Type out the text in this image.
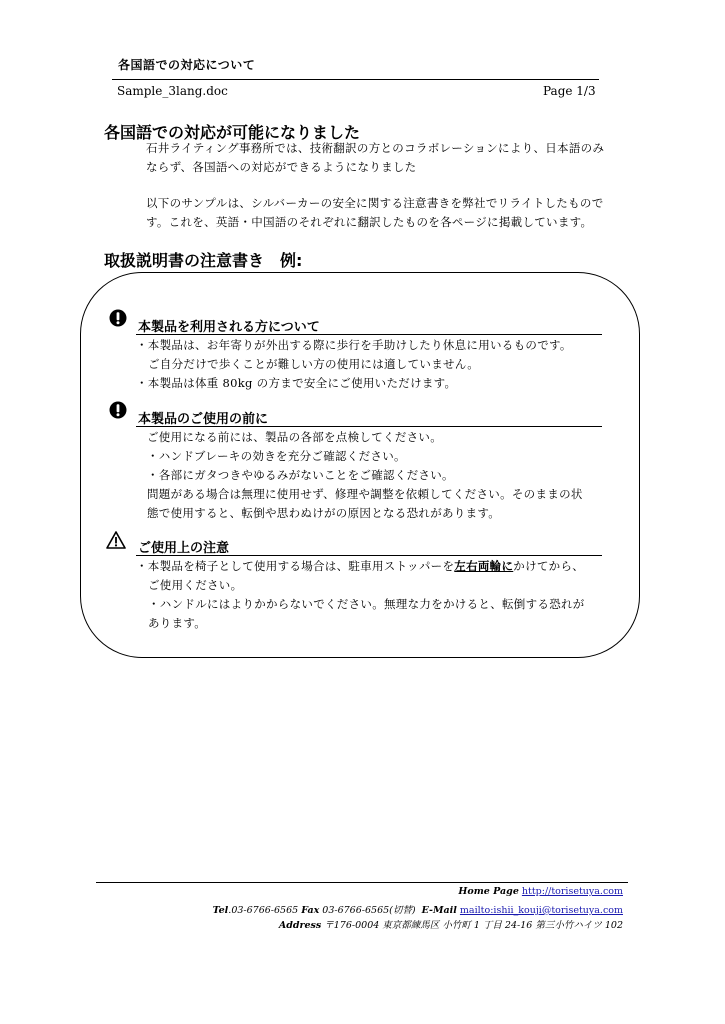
各国語での対応について
Sample_3lang.doc	Page 1/3
各国語での対応が可能になりました
石井ライティング事務所では、技術翻訳の方とのコラボレーションにより、日本語のみ
ならず、各国語への対応ができるようになりました
以下のサンプルは、シルバーカーの安全に関する注意書きを弊社でリライトしたもので
す。これを、英語・中国語のそれぞれに翻訳したものを各ページに掲載しています。
取扱説明書の注意書き　例:
本製品を利用される方について
・本製品は、お年寄りが外出する際に歩行を手助けしたり休息に用いるものです。
ご自分だけで歩くことが難しい方の使用には適していません。
・本製品は体重 80kg の方まで安全にご使用いただけます。
本製品のご使用の前に
ご使用になる前には、製品の各部を点検してください。
・ハンドブレーキの効きを充分ご確認ください。
・各部にガタつきやゆるみがないことをご確認ください。
問題がある場合は無理に使用せず、修理や調整を依頼してください。そのままの状
態で使用すると、転倒や思わぬけがの原因となる恐れがあります。
ご使用上の注意
・本製品を椅子として使用する場合は、駐車用ストッパーを左右両輪にかけてから、
ご使用ください。
・ハンドルにはよりかからないでください。無理な力をかけると、転倒する恐れが
あります。
Home Page http://torisetuya.com
Tel.03-6766-6565 Fax 03-6766-6565(切替) E-Mail mailto:ishii_kouji@torisetuya.com
Address 〒176-0004 東京都練馬区 小竹町 1 丁目 24-16 第三小竹ハイツ 102
